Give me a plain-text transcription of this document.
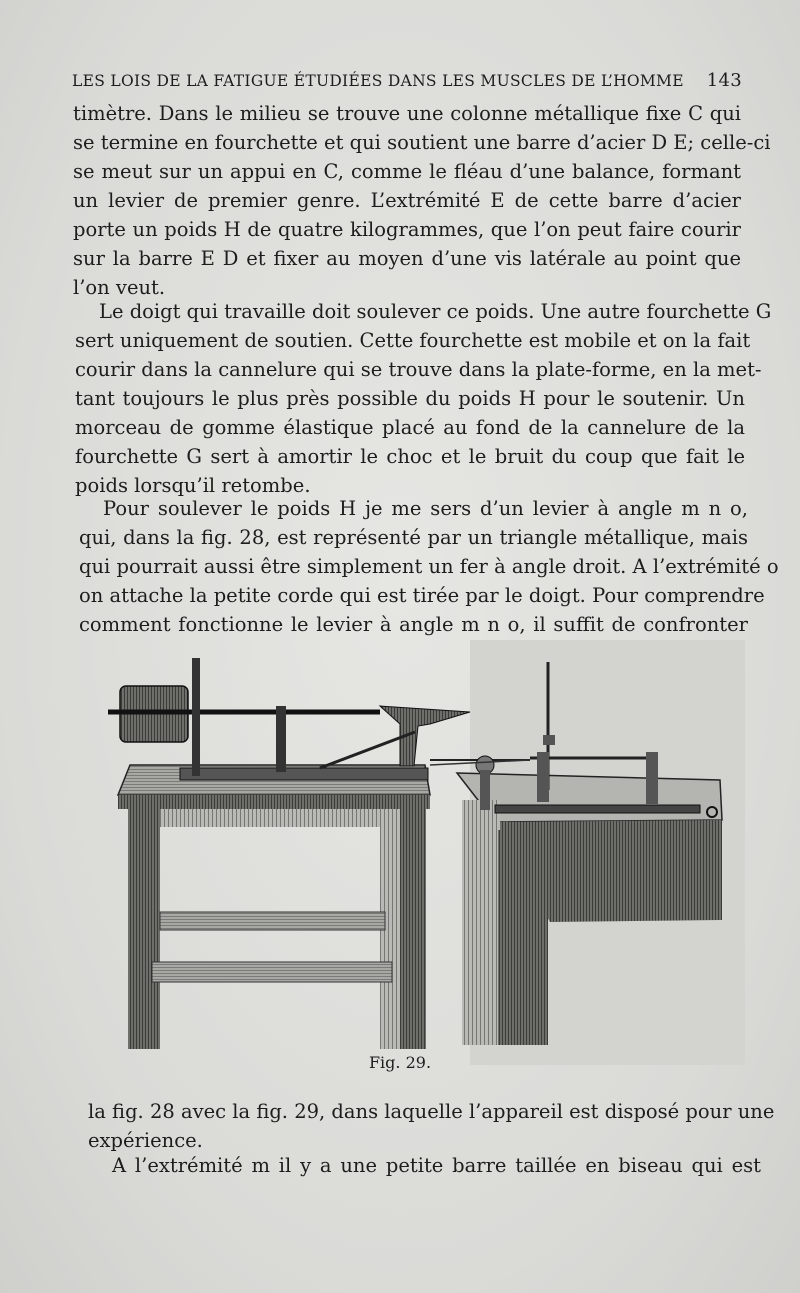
LES LOIS DE LA FATIGUE ÉTUDIÉES DANS LES MUSCLES DE L’HOMME 143
timètre. Dans le milieu se trouve une colonne métallique fixe C qui
se termine en fourchette et qui soutient une barre d’acier D E; celle-ci
se meut sur un appui en C, comme le fléau d’une balance, formant
un levier de premier genre. L’extrémité E de cette barre d’acier
porte un poids H de quatre kilogrammes, que l’on peut faire courir
sur la barre E D et fixer au moyen d’une vis latérale au point que
l’on veut.
Le doigt qui travaille doit soulever ce poids. Une autre fourchette G
sert uniquement de soutien. Cette fourchette est mobile et on la fait
courir dans la cannelure qui se trouve dans la plate-forme, en la met-
tant toujours le plus près possible du poids H pour le soutenir. Un
morceau de gomme élastique placé au fond de la cannelure de la
fourchette G sert à amortir le choc et le bruit du coup que fait le
poids lorsqu’il retombe.
Pour soulever le poids H je me sers d’un levier à angle m n o,
qui, dans la fig. 28, est représenté par un triangle métallique, mais
qui pourrait aussi être simplement un fer à angle droit. A l’extrémité o
on attache la petite corde qui est tirée par le doigt. Pour comprendre
comment fonctionne le levier à angle m n o, il suffit de confronter
Fig. 29.
la fig. 28 avec la fig. 29, dans laquelle l’appareil est disposé pour une
expérience.
A l’extrémité m il y a une petite barre taillée en biseau qui est
